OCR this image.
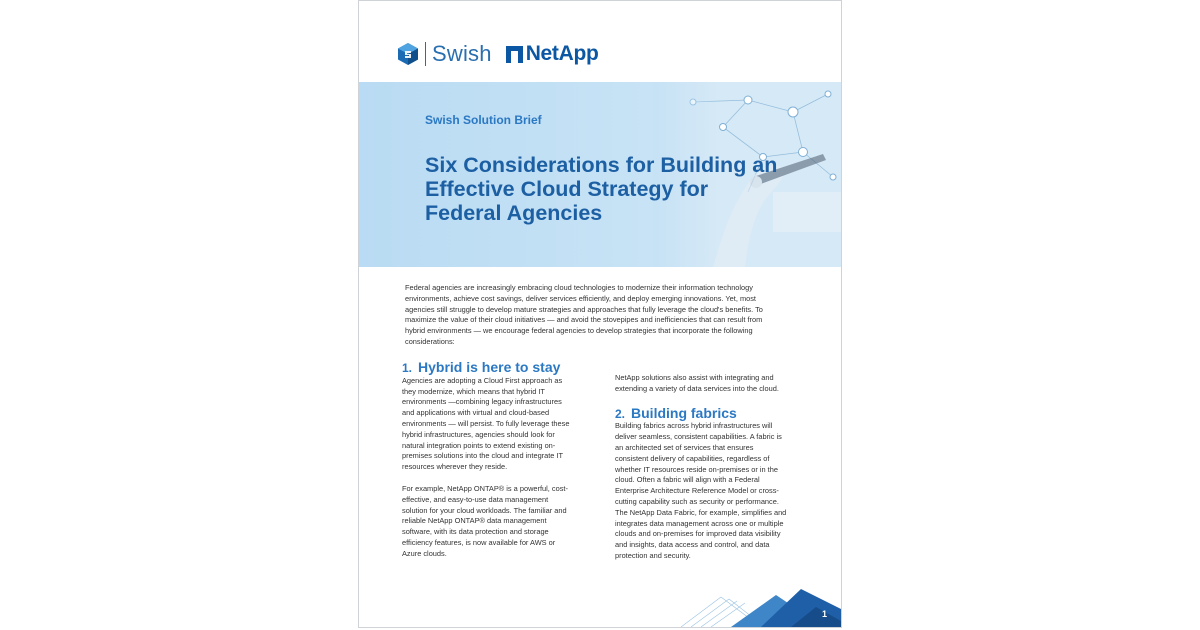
Swish NetApp
Swish Solution Brief
Six Considerations for Building an
Effective Cloud Strategy for
Federal Agencies
Federal agencies are increasingly embracing cloud technologies to modernize their information technology
environments, achieve cost savings, deliver services efficiently, and deploy emerging innovations. Yet, most
agencies still struggle to develop mature strategies and approaches that fully leverage the cloud's benefits. To
maximize the value of their cloud initiatives — and avoid the stovepipes and inefficiencies that can result from
hybrid environments — we encourage federal agencies to develop strategies that incorporate the following
considerations:
1. Hybrid is here to stay
Agencies are adopting a Cloud First approach as
they modernize, which means that hybrid IT
environments —combining legacy infrastructures
and applications with virtual and cloud-based
environments — will persist. To fully leverage these
hybrid infrastructures, agencies should look for
natural integration points to extend existing on-
premises solutions into the cloud and integrate IT
resources wherever they reside.
For example, NetApp ONTAP® is a powerful, cost-
effective, and easy-to-use data management
solution for your cloud workloads. The familiar and
reliable NetApp ONTAP® data management
software, with its data protection and storage
efficiency features, is now available for AWS or
Azure clouds.
NetApp solutions also assist with integrating and
extending a variety of data services into the cloud.
2. Building fabrics
Building fabrics across hybrid infrastructures will
deliver seamless, consistent capabilities. A fabric is
an architected set of services that ensures
consistent delivery of capabilities, regardless of
whether IT resources reside on-premises or in the
cloud. Often a fabric will align with a Federal
Enterprise Architecture Reference Model or cross-
cutting capability such as security or performance.
The NetApp Data Fabric, for example, simplifies and
integrates data management across one or multiple
clouds and on-premises for improved data visibility
and insights, data access and control, and data
protection and security.
1
